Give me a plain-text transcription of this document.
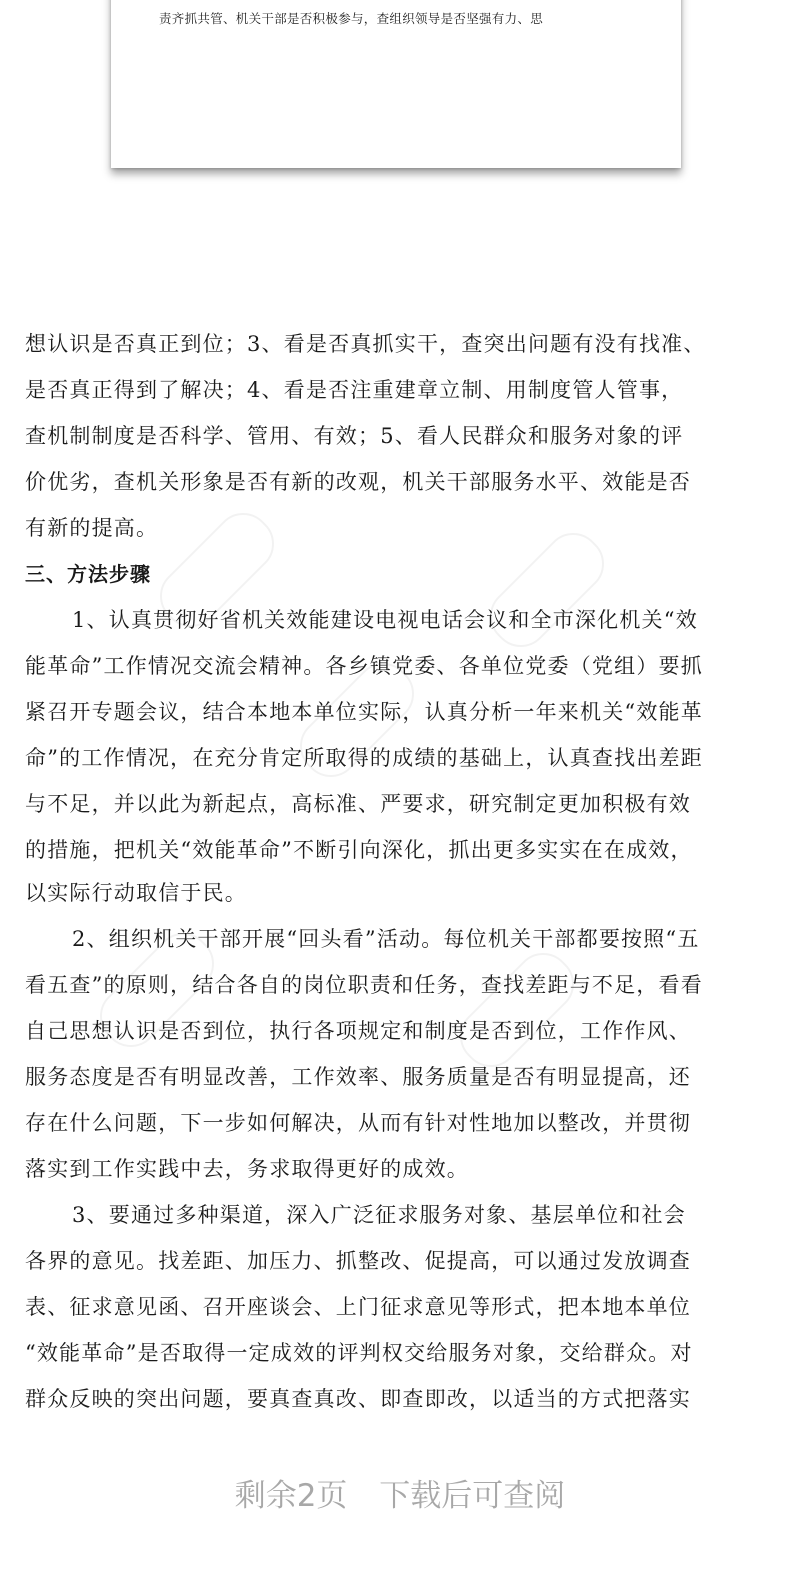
责齐抓共管、机关干部是否积极参与，查组织领导是否坚强有力、思
想认识是否真正到位；3、看是否真抓实干，查突出问题有没有找准、
是否真正得到了解决；4、看是否注重建章立制、用制度管人管事，
查机制制度是否科学、管用、有效；5、看人民群众和服务对象的评
价优劣，查机关形象是否有新的改观，机关干部服务水平、效能是否
有新的提高。
三、方法步骤
1、认真贯彻好省机关效能建设电视电话会议和全市深化机关“效
能革命”工作情况交流会精神。各乡镇党委、各单位党委（党组）要抓
紧召开专题会议，结合本地本单位实际，认真分析一年来机关“效能革
命”的工作情况，在充分肯定所取得的成绩的基础上，认真查找出差距
与不足，并以此为新起点，高标准、严要求，研究制定更加积极有效
的措施，把机关“效能革命”不断引向深化，抓出更多实实在在成效，
以实际行动取信于民。
2、组织机关干部开展“回头看”活动。每位机关干部都要按照“五
看五查”的原则，结合各自的岗位职责和任务，查找差距与不足，看看
自己思想认识是否到位，执行各项规定和制度是否到位，工作作风、
服务态度是否有明显改善，工作效率、服务质量是否有明显提高，还
存在什么问题，下一步如何解决，从而有针对性地加以整改，并贯彻
落实到工作实践中去，务求取得更好的成效。
3、要通过多种渠道，深入广泛征求服务对象、基层单位和社会
各界的意见。找差距、加压力、抓整改、促提高，可以通过发放调查
表、征求意见函、召开座谈会、上门征求意见等形式，把本地本单位
“效能革命”是否取得一定成效的评判权交给服务对象，交给群众。对
群众反映的突出问题，要真查真改、即查即改，以适当的方式把落实
剩余2页 下载后可查阅
